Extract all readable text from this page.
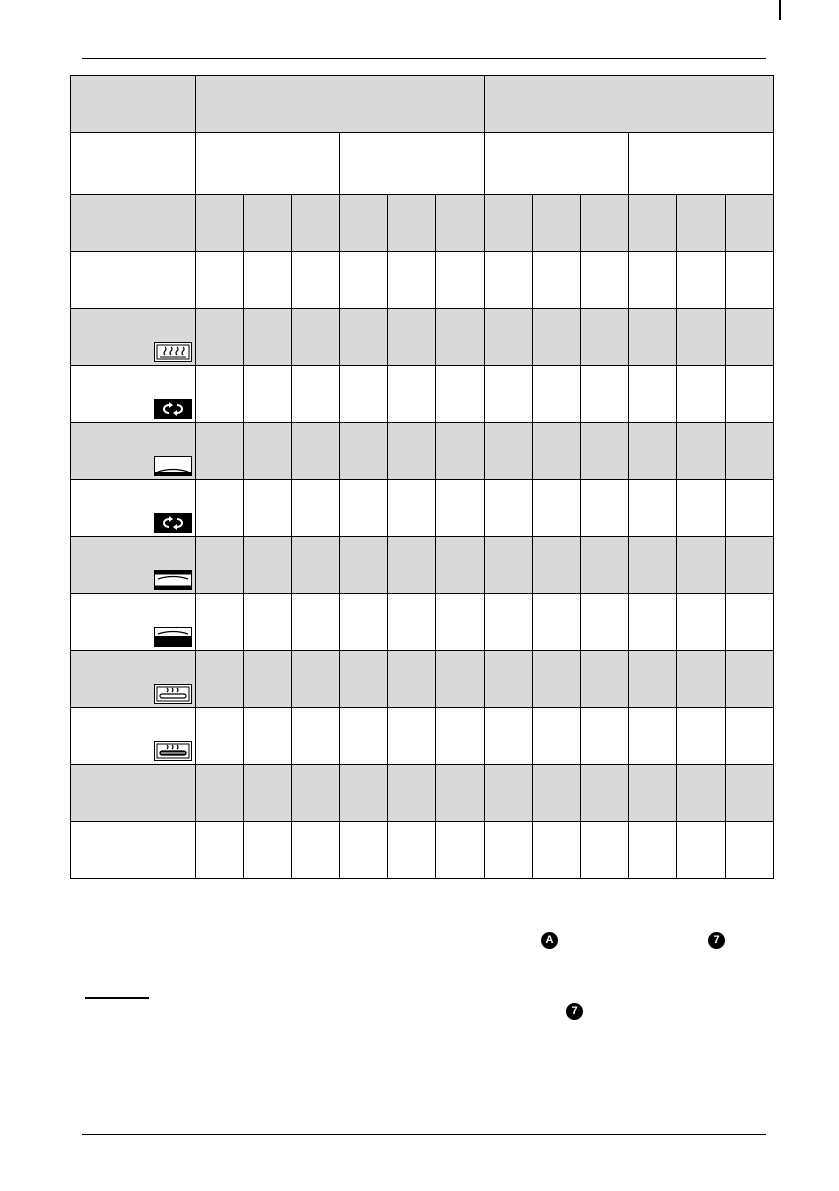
A	7
7
